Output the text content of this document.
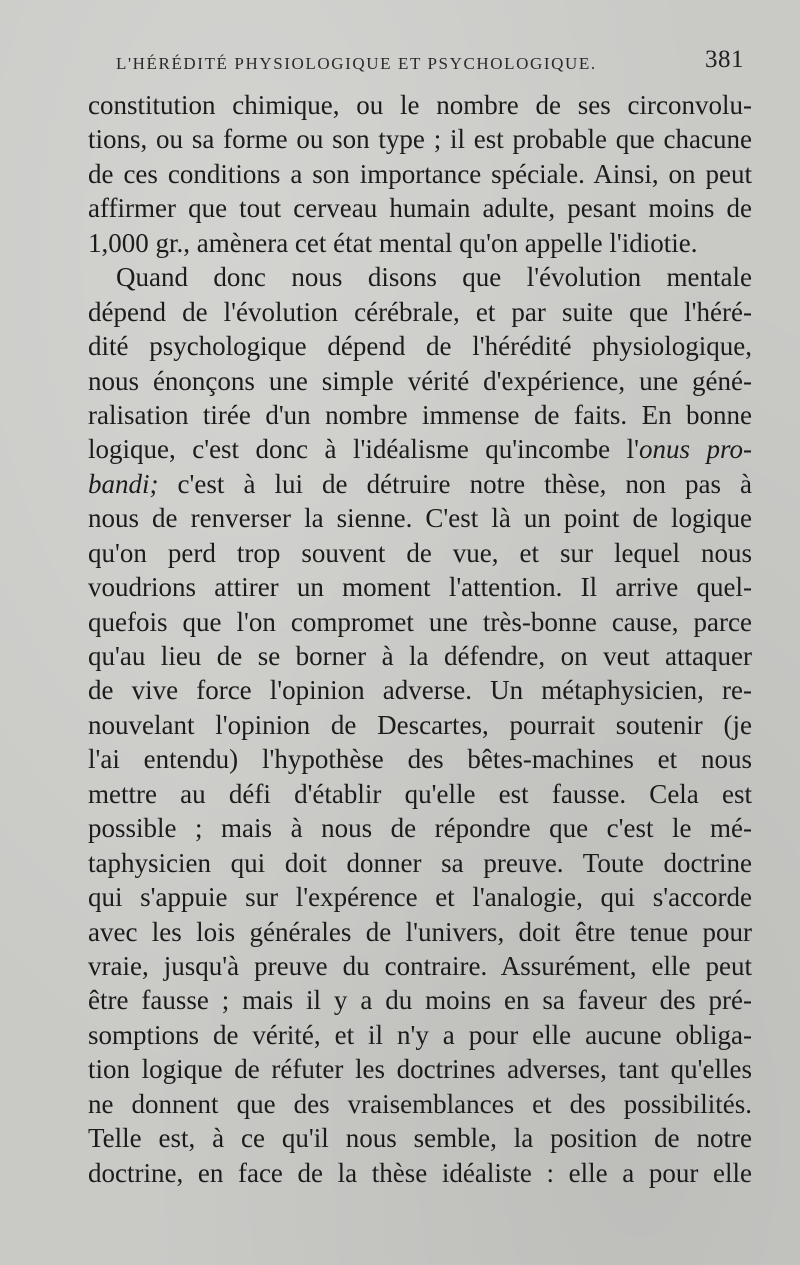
L'HÉRÉDITÉ PHYSIOLOGIQUE ET PSYCHOLOGIQUE.	381
constitution chimique, ou le nombre de ses circonvolu-
tions, ou sa forme ou son type ; il est probable que chacune
de ces conditions a son importance spéciale. Ainsi, on peut
affirmer que tout cerveau humain adulte, pesant moins de
1,000 gr., amènera cet état mental qu'on appelle l'idiotie.
Quand donc nous disons que l'évolution mentale
dépend de l'évolution cérébrale, et par suite que l'héré-
dité psychologique dépend de l'hérédité physiologique,
nous énonçons une simple vérité d'expérience, une géné-
ralisation tirée d'un nombre immense de faits. En bonne
logique, c'est donc à l'idéalisme qu'incombe l'onus pro-
bandi; c'est à lui de détruire notre thèse, non pas à
nous de renverser la sienne. C'est là un point de logique
qu'on perd trop souvent de vue, et sur lequel nous
voudrions attirer un moment l'attention. Il arrive quel-
quefois que l'on compromet une très-bonne cause, parce
qu'au lieu de se borner à la défendre, on veut attaquer
de vive force l'opinion adverse. Un métaphysicien, re-
nouvelant l'opinion de Descartes, pourrait soutenir (je
l'ai entendu) l'hypothèse des bêtes-machines et nous
mettre au défi d'établir qu'elle est fausse. Cela est
possible ; mais à nous de répondre que c'est le mé-
taphysicien qui doit donner sa preuve. Toute doctrine
qui s'appuie sur l'expérence et l'analogie, qui s'accorde
avec les lois générales de l'univers, doit être tenue pour
vraie, jusqu'à preuve du contraire. Assurément, elle peut
être fausse ; mais il y a du moins en sa faveur des pré-
somptions de vérité, et il n'y a pour elle aucune obliga-
tion logique de réfuter les doctrines adverses, tant qu'elles
ne donnent que des vraisemblances et des possibilités.
Telle est, à ce qu'il nous semble, la position de notre
doctrine, en face de la thèse idéaliste : elle a pour elle
